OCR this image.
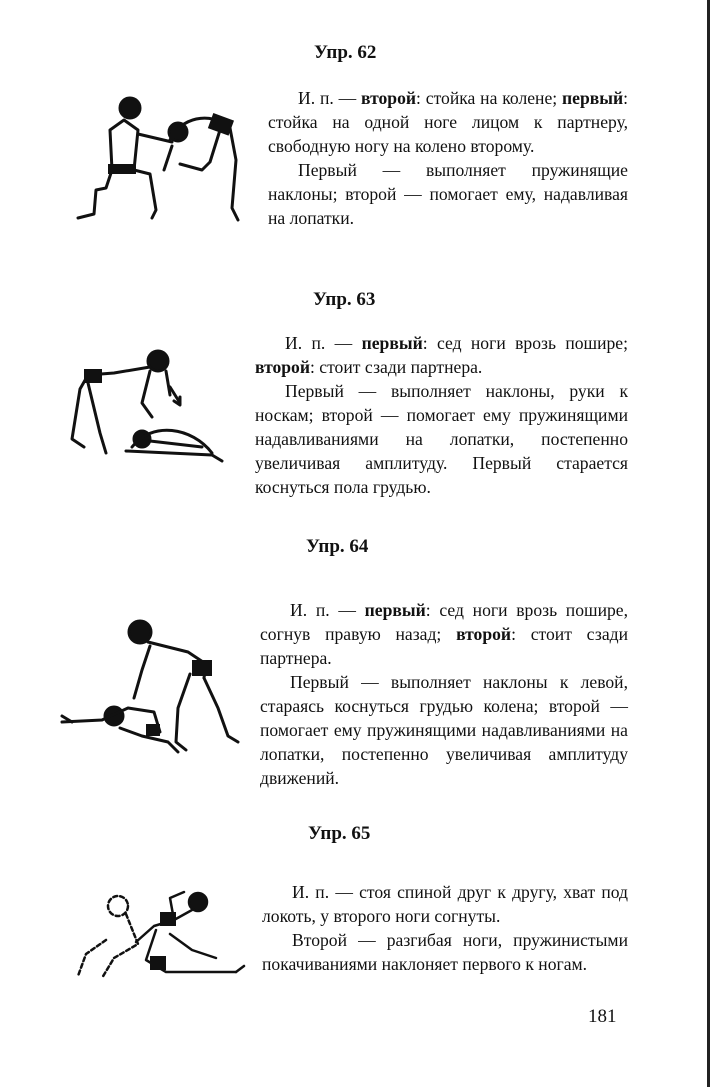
Упр. 62

И. п. — второй: стойка на колене; первый: стойка на одной ноге лицом к партнеру, свободную ногу на колено второму.

Первый — выполняет пружинящие наклоны; второй — помогает ему, надавливая на лопатки.

Упр. 63

И. п. — первый: сед ноги врозь пошире; второй: стоит сзади партнера.

Первый — выполняет наклоны, руки к носкам; второй — помогает ему пружинящими надавливаниями на лопатки, постепенно увеличивая амплитуду. Первый старается коснуться пола грудью.

Упр. 64

И. п. — первый: сед ноги врозь пошире, согнув правую назад; второй: стоит сзади партнера.

Первый — выполняет наклоны к левой, стараясь коснуться грудью колена; второй — помогает ему пружинящими надавливаниями на лопатки, постепенно увеличивая амплитуду движений.

Упр. 65

И. п. — стоя спиной друг к другу, хват под локоть, у второго ноги согнуты.

Второй — разгибая ноги, пружинистыми покачиваниями наклоняет первого к ногам.

181
